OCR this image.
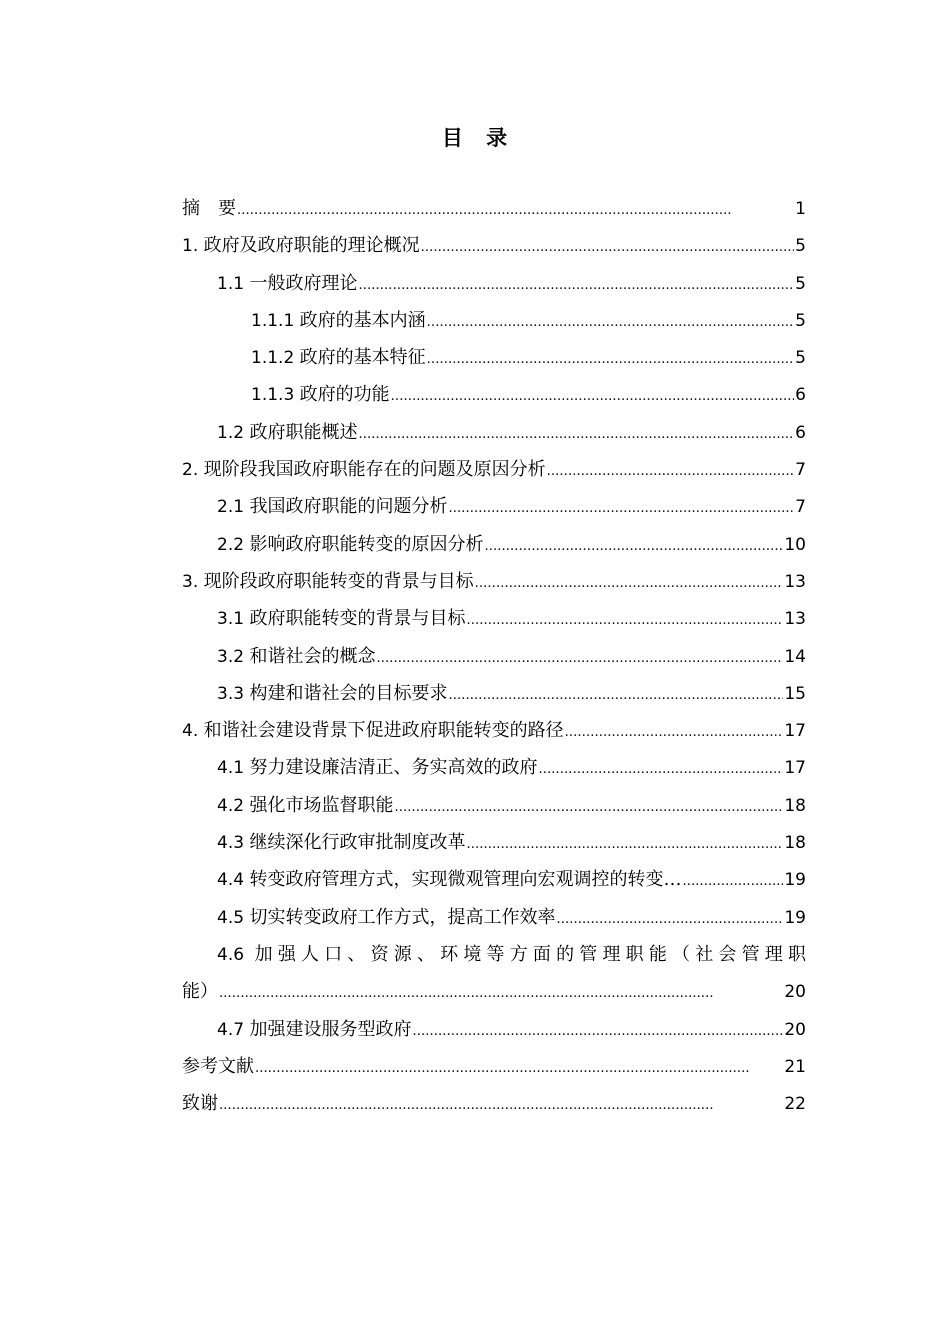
目 录
摘　要 . . .	1
1. 政府及政府职能的理论概况 . . .	5
1.1 一般政府理论 . . .	5
1.1.1 政府的基本内涵 . . .	5
1.1.2 政府的基本特征 . . .	5
1.1.3 政府的功能 . . .	6
1.2 政府职能概述 . . .	6
2. 现阶段我国政府职能存在的问题及原因分析 . . .	7
2.1 我国政府职能的问题分析 . . .	7
2.2 影响政府职能转变的原因分析 . . .	10
3. 现阶段政府职能转变的背景与目标 . . .	13
3.1 政府职能转变的背景与目标 . . .	13
3.2 和谐社会的概念 . . .	14
3.3 构建和谐社会的目标要求 . . .	15
4. 和谐社会建设背景下促进政府职能转变的路径 . . .	17
4.1 努力建设廉洁清正、务实高效的政府 . . .	17
4.2 强化市场监督职能 . . .	18
4.3 继续深化行政审批制度改革 . . .	18
4.4 转变政府管理方式，实现微观管理向宏观调控的转变… . . .	19
4.5 切实转变政府工作方式，提高工作效率 . . .	19
4.6 加强人口、资源、环境等方面的管理职能（社会管理职
能） . . .	20
4.7 加强建设服务型政府 . . .	20
参考文献 . . .	21
致谢 . . .	22
